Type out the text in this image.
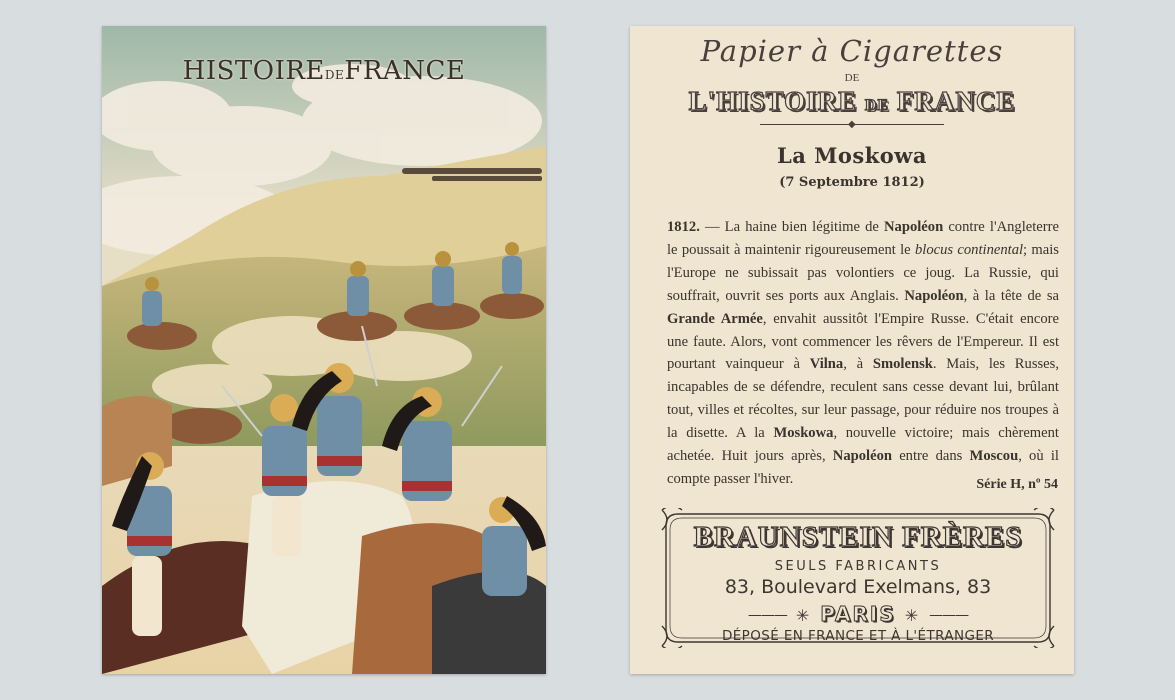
HISTOIREDEFRANCE
Papier à Cigarettes
DE
L'HISTOIRE DE FRANCE
◆
La Moskowa
(7 Septembre 1812)

1812. — La haine bien légitime de Napoléon contre l'Angleterre le poussait à maintenir rigoureusement le blocus continental; mais l'Europe ne subissait pas volontiers ce joug. La Russie, qui souffrait, ouvrit ses ports aux Anglais. Napoléon, à la tête de sa Grande Armée, envahit aussitôt l'Empire Russe. C'était encore une faute. Alors, vont commencer les rêvers de l'Empereur. Il est pourtant vainqueur à Vilna, à Smolensk. Mais, les Russes, incapables de se défendre, reculent sans cesse devant lui, brûlant tout, villes et récoltes, sur leur passage, pour réduire nos troupes à la disette. A la Moskowa, nouvelle victoire; mais chèrement achetée. Huit jours après, Napoléon entre dans Moscou, où il compte passer l'hiver.	Série H, nº 54
BRAUNSTEIN FRÈRES
SEULS FABRICANTS
83, Boulevard Exelmans, 83
——— ✳ PARIS ✳ ———
DÉPOSÉ EN FRANCE ET À L'ÉTRANGER
